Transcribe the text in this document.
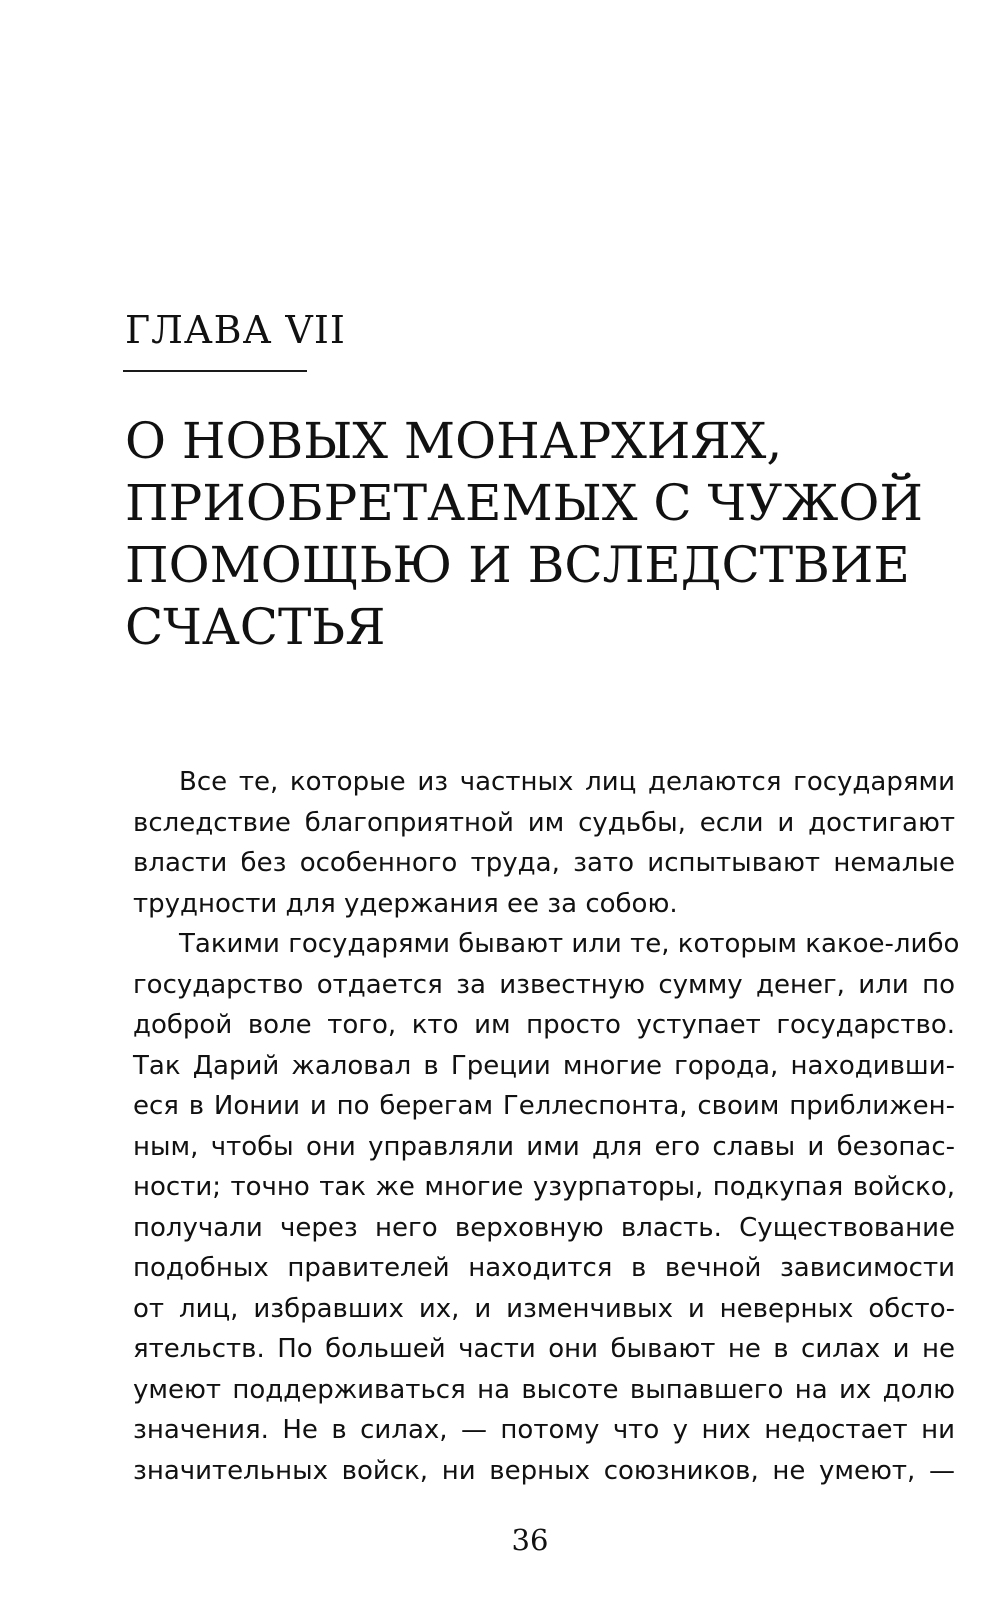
ГЛАВА VII
О НОВЫХ МОНАРХИЯХ,
ПРИОБРЕТАЕМЫХ С ЧУЖОЙ
ПОМОЩЬЮ И ВСЛЕДСТВИЕ
СЧАСТЬЯ
Все те, которые из частных лиц делаются государями
вследствие благоприятной им судьбы, если и достигают
власти без особенного труда, зато испытывают немалые
трудности для удержания ее за собою.
Такими государями бывают или те, которым какое-либо
государство отдается за известную сумму денег, или по
доброй воле того, кто им просто уступает государство.
Так Дарий жаловал в Греции многие города, находивши-
еся в Ионии и по берегам Геллеспонта, своим приближен-
ным, чтобы они управляли ими для его славы и безопас-
ности; точно так же многие узурпаторы, подкупая войско,
получали через него верховную власть. Существование
подобных правителей находится в вечной зависимости
от лиц, избравших их, и изменчивых и неверных обсто-
ятельств. По большей части они бывают не в силах и не
умеют поддерживаться на высоте выпавшего на их долю
значения. Не в силах, — потому что у них недостает ни
значительных войск, ни верных союзников, не умеют, —
36
